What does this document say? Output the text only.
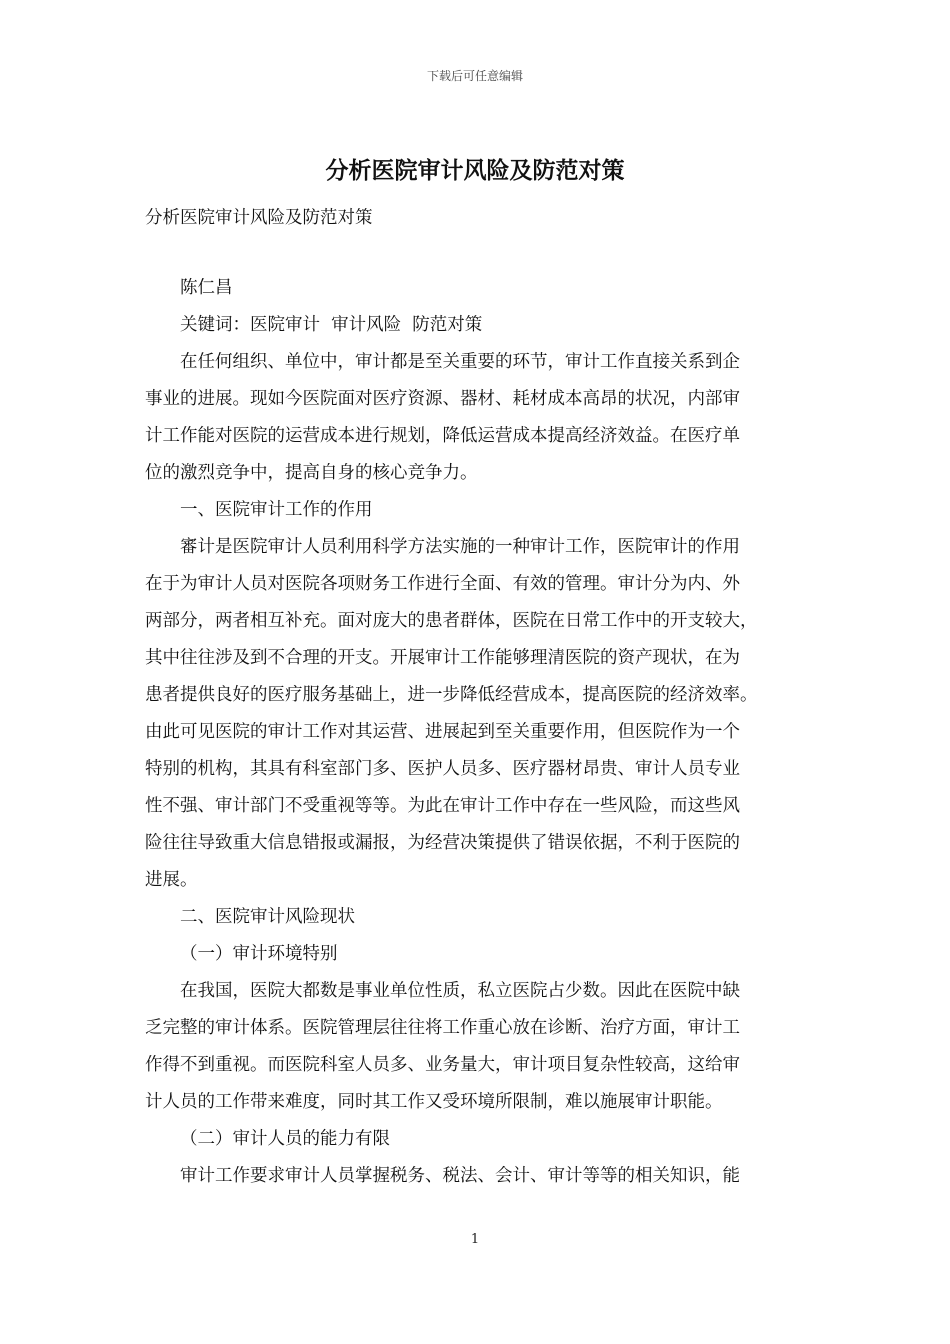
下载后可任意编辑
分析医院审计风险及防范对策
分析医院审计风险及防范对策
陈仁昌
关键词：医院审计  审计风险  防范对策
在任何组织、单位中，审计都是至关重要的环节，审计工作直接关系到企
事业的进展。现如今医院面对医疗资源、器材、耗材成本高昂的状况，内部审
计工作能对医院的运营成本进行规划，降低运营成本提高经济效益。在医疗单
位的激烈竞争中，提高自身的核心竞争力。
一、医院审计工作的作用
審计是医院审计人员利用科学方法实施的一种审计工作，医院审计的作用
在于为审计人员对医院各项财务工作进行全面、有效的管理。审计分为内、外
两部分，两者相互补充。面对庞大的患者群体，医院在日常工作中的开支较大，
其中往往涉及到不合理的开支。开展审计工作能够理清医院的资产现状，在为
患者提供良好的医疗服务基础上，进一步降低经营成本，提高医院的经济效率。
由此可见医院的审计工作对其运营、进展起到至关重要作用，但医院作为一个
特别的机构，其具有科室部门多、医护人员多、医疗器材昂贵、审计人员专业
性不强、审计部门不受重视等等。为此在审计工作中存在一些风险，而这些风
险往往导致重大信息错报或漏报，为经营决策提供了错误依据，不利于医院的
进展。
二、医院审计风险现状
（一）审计环境特别
在我国，医院大都数是事业单位性质，私立医院占少数。因此在医院中缺
乏完整的审计体系。医院管理层往往将工作重心放在诊断、治疗方面，审计工
作得不到重视。而医院科室人员多、业务量大，审计项目复杂性较高，这给审
计人员的工作带来难度，同时其工作又受环境所限制，难以施展审计职能。
（二）审计人员的能力有限
审计工作要求审计人员掌握税务、税法、会计、审计等等的相关知识，能
1
